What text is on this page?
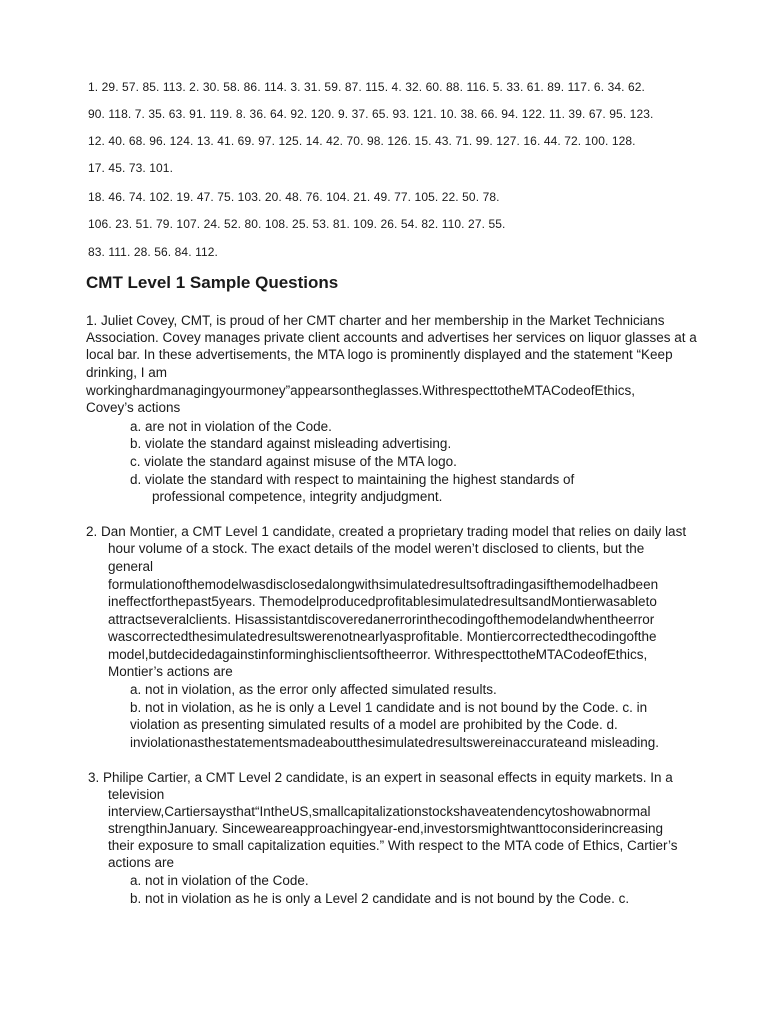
1. 29. 57. 85. 113. 2. 30. 58. 86. 114. 3. 31. 59. 87. 115. 4. 32. 60. 88. 116. 5. 33. 61. 89. 117. 6. 34. 62.
90. 118. 7. 35. 63. 91. 119. 8. 36. 64. 92. 120. 9. 37. 65. 93. 121. 10. 38. 66. 94. 122. 11. 39. 67. 95. 123.
12. 40. 68. 96. 124. 13. 41. 69. 97. 125. 14. 42. 70. 98. 126. 15. 43. 71. 99. 127. 16. 44. 72. 100. 128.
17. 45. 73. 101.
18. 46. 74. 102. 19. 47. 75. 103. 20. 48. 76. 104. 21. 49. 77. 105. 22. 50. 78.
106. 23. 51. 79. 107. 24. 52. 80. 108. 25. 53. 81. 109. 26. 54. 82. 110. 27. 55.
83. 111. 28. 56. 84. 112.
CMT Level 1 Sample Questions
1. Juliet Covey, CMT, is proud of her CMT charter and her membership in the Market Technicians
Association. Covey manages private client accounts and advertises her services on liquor glasses at a
local bar. In these advertisements, the MTA logo is prominently displayed and the statement “Keep
drinking, I am
workinghardmanagingyourmoney”appearsontheglasses.WithrespecttotheMTACodeofEthics,
Covey’s actions
a. are not in violation of the Code.
b. violate the standard against misleading advertising.
c. violate the standard against misuse of the MTA logo.
d. violate the standard with respect to maintaining the highest standards of
professional competence, integrity andjudgment.
2. Dan Montier, a CMT Level 1 candidate, created a proprietary trading model that relies on daily last
hour volume of a stock. The exact details of the model weren’t disclosed to clients, but the
general
formulationofthemodelwasdisclosedalongwithsimulatedresultsoftradingasifthemodelhadbeen
ineffectforthepast5years. ThemodelproducedprofitablesimulatedresultsandMontierwasableto
attractseveralclients. Hisassistantdiscoveredanerrorinthecodingofthemodelandwhentheerror
wascorrectedthesimulatedresultswerenotnearlyasprofitable. Montiercorrectedthecodingofthe
model,butdecidedagainstinforminghisclientsoftheerror. WithrespecttotheMTACodeofEthics,
Montier’s actions are
a. not in violation, as the error only affected simulated results.
b. not in violation, as he is only a Level 1 candidate and is not bound by the Code. c. in
violation as presenting simulated results of a model are prohibited by the Code. d.
inviolationasthestatementsmadeaboutthesimulatedresultswereinaccurateand misleading.
3. Philipe Cartier, a CMT Level 2 candidate, is an expert in seasonal effects in equity markets. In a
television
interview,Cartiersaysthat“IntheUS,smallcapitalizationstockshaveatendencytoshowabnormal
strengthinJanuary. Sinceweareapproachingyear-end,investorsmightwanttoconsiderincreasing
their exposure to small capitalization equities.” With respect to the MTA code of Ethics, Cartier’s
actions are
a. not in violation of the Code.
b. not in violation as he is only a Level 2 candidate and is not bound by the Code. c.
